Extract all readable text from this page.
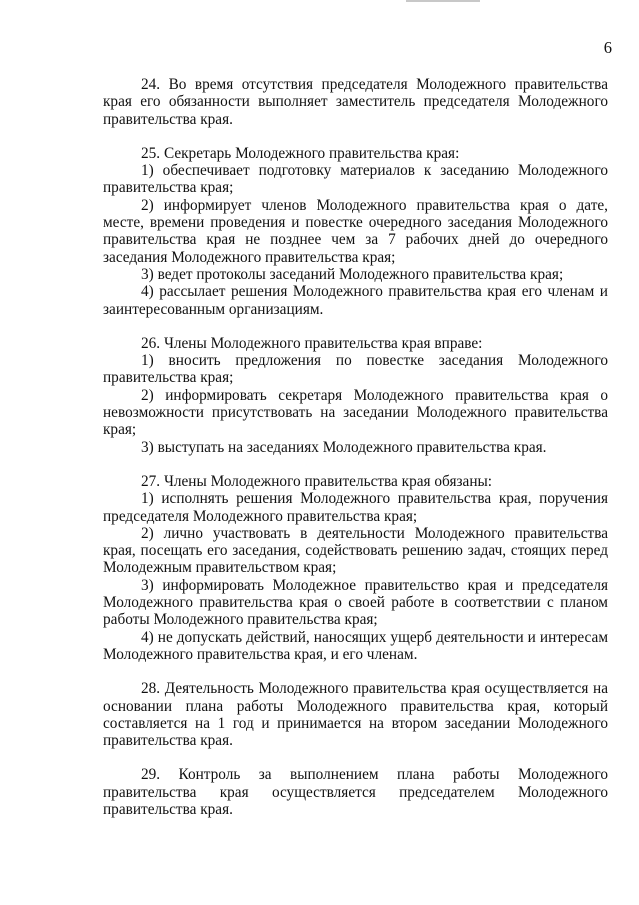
6

24. Во время отсутствия председателя Молодежного правительства края его обязанности выполняет заместитель председателя Молодежного правительства края.

25. Секретарь Молодежного правительства края:

1) обеспечивает подготовку материалов к заседанию Молодежного правительства края;

2) информирует членов Молодежного правительства края о дате, месте, времени проведения и повестке очередного заседания Молодежного правительства края не позднее чем за 7 рабочих дней до очередного заседания Молодежного правительства края;

3) ведет протоколы заседаний Молодежного правительства края;

4) рассылает решения Молодежного правительства края его членам и заинтересованным организациям.

26. Члены Молодежного правительства края вправе:

1) вносить предложения по повестке заседания Молодежного правительства края;

2) информировать секретаря Молодежного правительства края о невозможности присутствовать на заседании Молодежного правительства края;

3) выступать на заседаниях Молодежного правительства края.

27. Члены Молодежного правительства края обязаны:

1) исполнять решения Молодежного правительства края, поручения председателя Молодежного правительства края;

2) лично участвовать в деятельности Молодежного правительства края, посещать его заседания, содействовать решению задач, стоящих перед Молодежным правительством края;

3) информировать Молодежное правительство края и председателя Молодежного правительства края о своей работе в соответствии с планом работы Молодежного правительства края;

4) не допускать действий, наносящих ущерб деятельности и интересам Молодежного правительства края, и его членам.

28. Деятельность Молодежного правительства края осуществляется на основании плана работы Молодежного правительства края, который составляется на 1 год и принимается на втором заседании Молодежного правительства края.

29. Контроль за выполнением плана работы Молодежного правительства края осуществляется председателем Молодежного правительства края.
